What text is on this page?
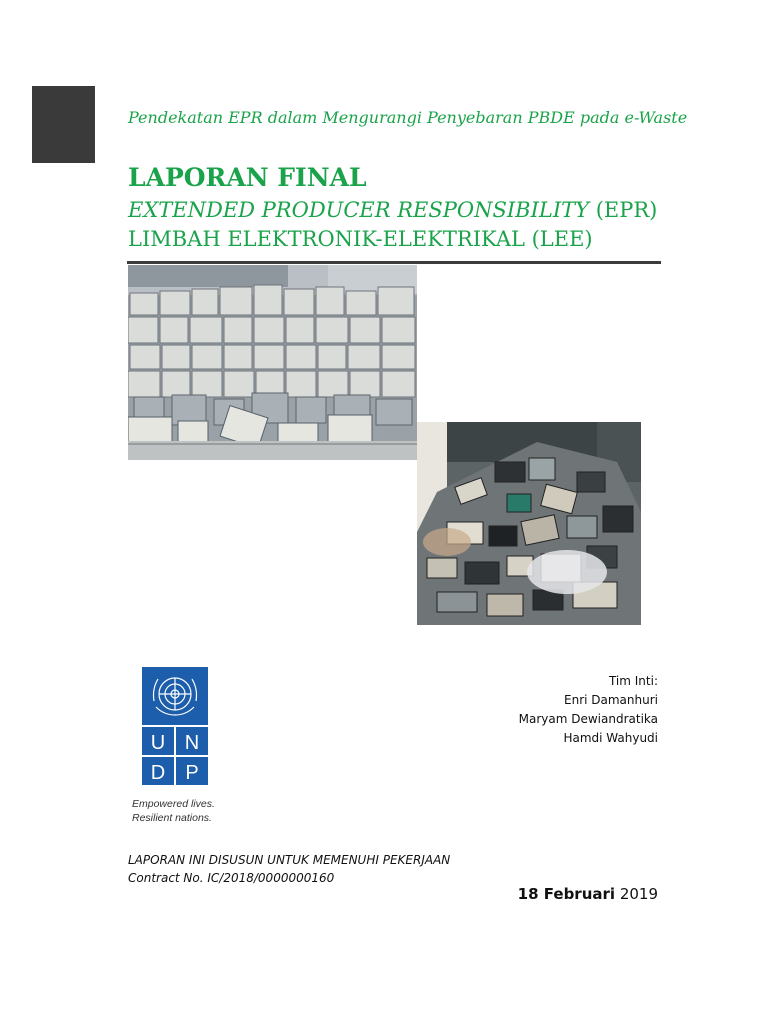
Pendekatan EPR dalam Mengurangi Penyebaran PBDE pada e-Waste
LAPORAN FINAL
EXTENDED PRODUCER RESPONSIBILITY (EPR)
LIMBAH ELEKTRONIK-ELEKTRIKAL (LEE)
U N
D P
Empowered lives.
Resilient nations.
Tim Inti:
Enri Damanhuri
Maryam Dewiandratika
Hamdi Wahyudi
LAPORAN INI DISUSUN UNTUK MEMENUHI PEKERJAAN
Contract No. IC/2018/0000000160
18 Februari 2019
